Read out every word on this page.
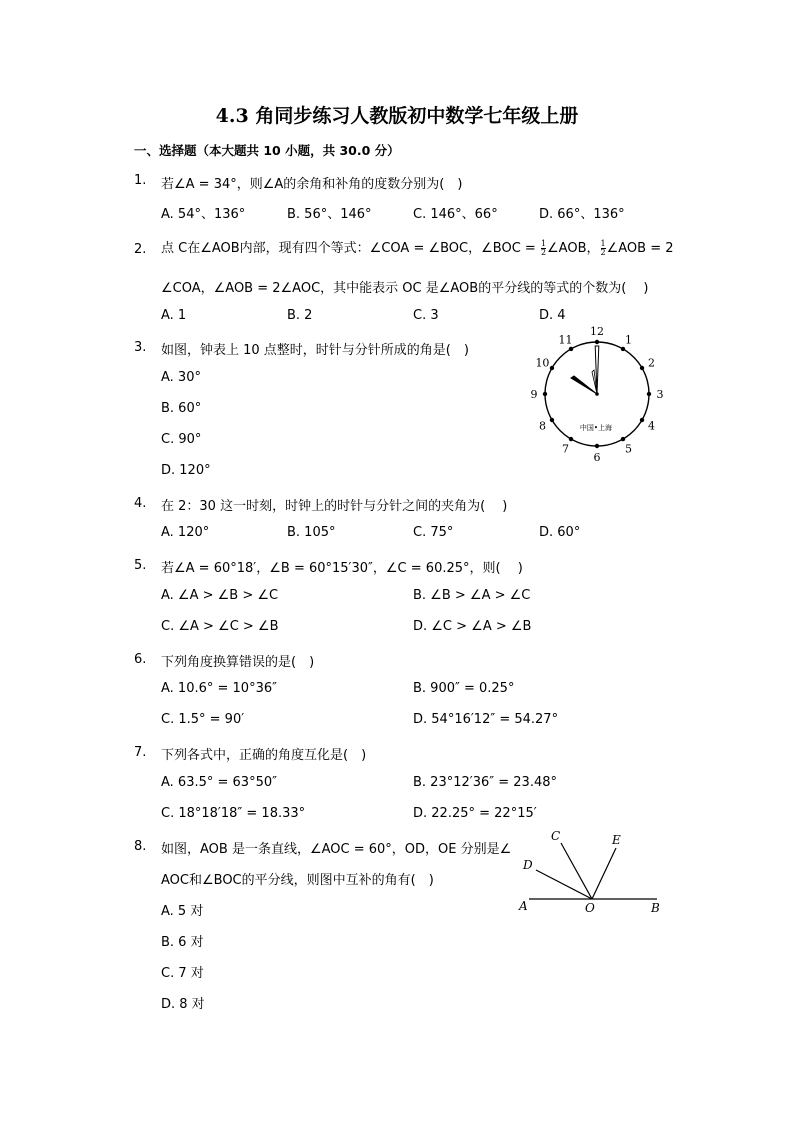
4.3 角同步练习人教版初中数学七年级上册
一、选择题（本大题共 10 小题，共 30.0 分）
1. 若∠A = 34°，则∠A的余角和补角的度数分别为(　)
A. 54°、136°	B. 56°、146°	C. 146°、66°	D. 66°、136°
2. 点 C在∠AOB内部，现有四个等式：∠COA = ∠BOC，∠BOC = $\frac{1}{2}$ ∠AOB， $\frac{1}{2}$ ∠AOB = 2
∠COA，∠AOB = 2∠AOC，其中能表示 OC 是∠AOB的平分线的等式的个数为(　 )
A. 1	B. 2	C. 3	D. 4
3. 如图，钟表上 10 点整时，时针与分针所成的角是(　)
A. 30°
B. 60°
C. 90°
D. 120°
12
1
2
3
4
5
6
7
8
9
10
11
中国•上海
4. 在 2：30 这一时刻，时钟上的时针与分针之间的夹角为(　 )
A. 120°	B. 105°	C. 75°	D. 60°
5. 若∠A = 60°18′，∠B = 60°15′30″，∠C = 60.25°，则(　 )
A. ∠A > ∠B > ∠C	B. ∠B > ∠A > ∠C
C. ∠A > ∠C > ∠B	D. ∠C > ∠A > ∠B
6. 下列角度换算错误的是(　)
A. 10.6° = 10°36″	B. 900″ = 0.25°
C. 1.5° = 90′	D. 54°16′12″ = 54.27°
7. 下列各式中，正确的角度互化是(　)
A. 63.5° = 63°50″	B. 23°12′36″ = 23.48°
C. 18°18′18″ = 18.33°	D. 22.25° = 22°15′
8. 如图，AOB 是一条直线，∠AOC = 60°，OD，OE 分别是∠
AOC和∠BOC的平分线，则图中互补的角有(　)
A. 5 对
B. 6 对
C. 7 对
D. 8 对
C	E
D
A	O	B
